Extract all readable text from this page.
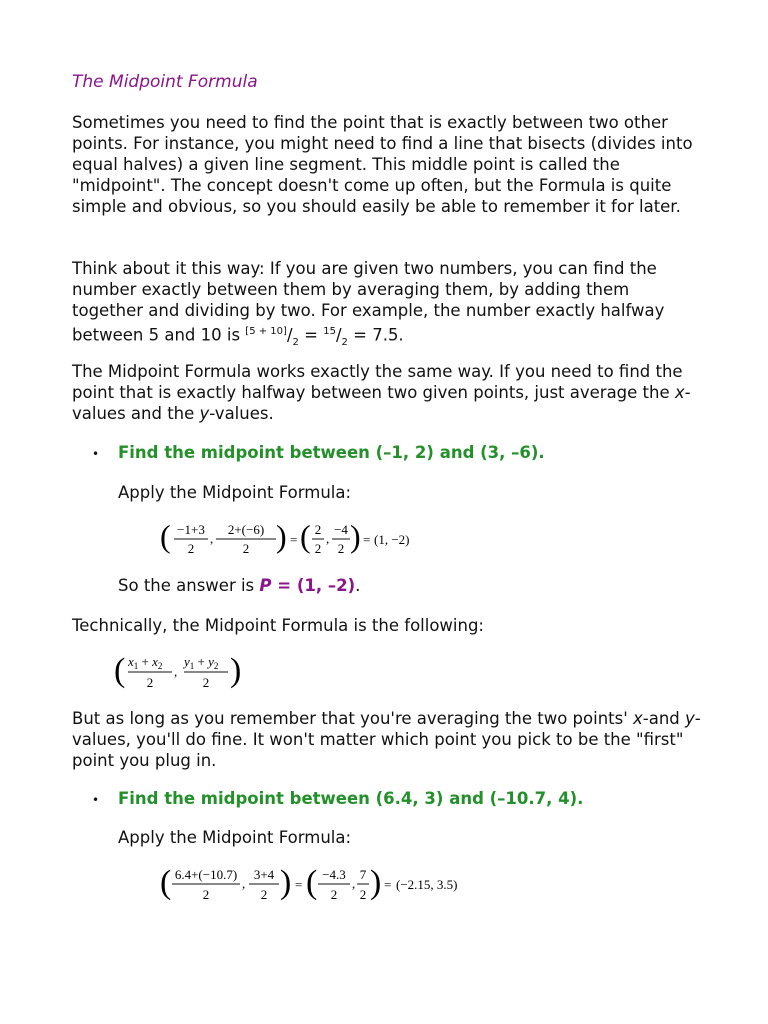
The Midpoint Formula

Sometimes you need to find the point that is exactly between two other points. For instance, you might need to find a line that bisects (divides into equal halves) a given line segment. This middle point is called the "midpoint". The concept doesn't come up often, but the Formula is quite simple and obvious, so you should easily be able to remember it for later.

Think about it this way: If you are given two numbers, you can find the number exactly between them by averaging them, by adding them together and dividing by two. For example, the number exactly halfway between 5 and 10 is $[5 + 10]/_2 = ^{15}/_2 = 7.5$.

The Midpoint Formula works exactly the same way. If you need to find the point that is exactly halfway between two given points, just average the x-values and the y-values.

• Find the midpoint between (–1, 2) and (3, –6).

Apply the Midpoint Formula:

( −1+3
2
,
2+(−6)
2 ) = ( 2
2
,
−4
2 ) = (1, −2)

So the answer is P = (1, –2).

Technically, the Midpoint Formula is the following:

( $x_1 + x_2$
2
,
$y_1 + y_2$
2 )

But as long as you remember that you're averaging the two points' x-and y-values, you'll do fine. It won't matter which point you pick to be the "first" point you plug in.

• Find the midpoint between (6.4, 3) and (–10.7, 4).

Apply the Midpoint Formula:

( 6.4+(−10.7)
2
,
3+4
2 ) = ( −4.3
2
,
7
2 ) = (−2.15, 3.5)
